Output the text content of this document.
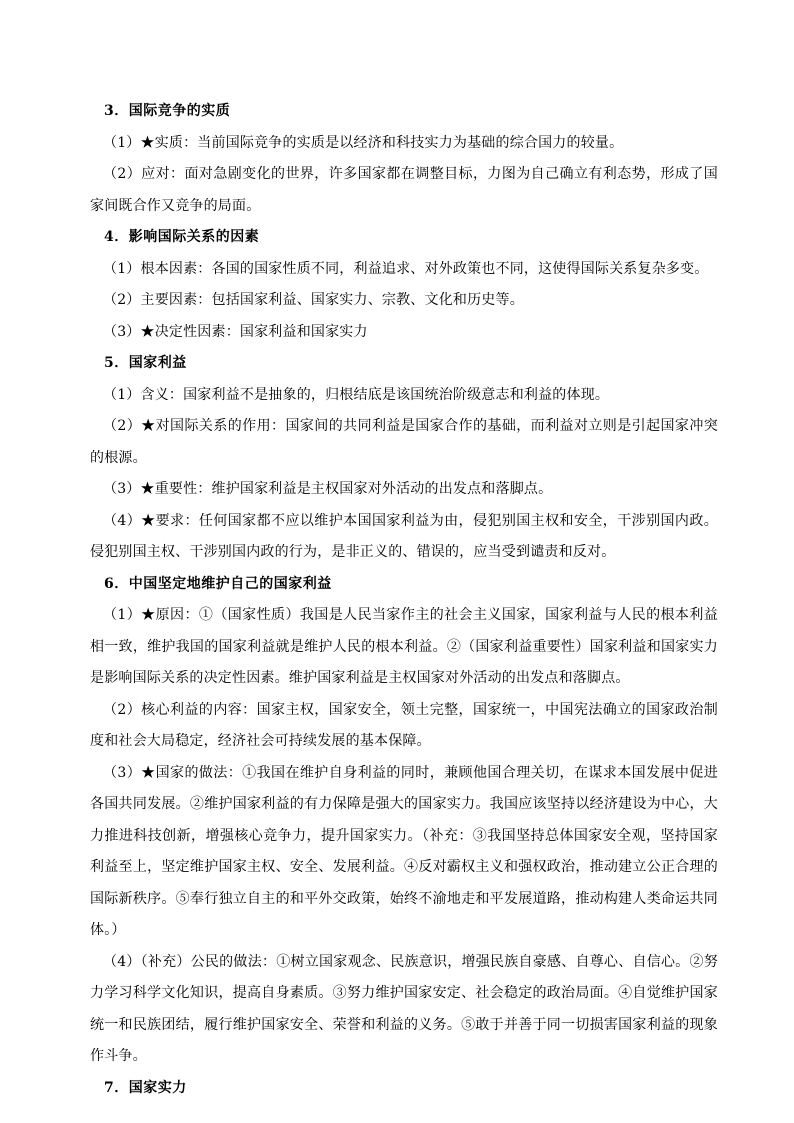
3．国际竞争的实质

（1）★实质：当前国际竞争的实质是以经济和科技实力为基础的综合国力的较量。

（2）应对：面对急剧变化的世界，许多国家都在调整目标，力图为自己确立有利态势，形成了国家间既合作又竞争的局面。

4．影响国际关系的因素

（1）根本因素：各国的国家性质不同，利益追求、对外政策也不同，这使得国际关系复杂多变。

（2）主要因素：包括国家利益、国家实力、宗教、文化和历史等。

（3）★决定性因素：国家利益和国家实力

5．国家利益

（1）含义：国家利益不是抽象的，归根结底是该国统治阶级意志和利益的体现。

（2）★对国际关系的作用：国家间的共同利益是国家合作的基础，而利益对立则是引起国家冲突的根源。

（3）★重要性：维护国家利益是主权国家对外活动的出发点和落脚点。

（4）★要求：任何国家都不应以维护本国国家利益为由，侵犯别国主权和安全，干涉别国内政。侵犯别国主权、干涉别国内政的行为，是非正义的、错误的，应当受到谴责和反对。

6．中国坚定地维护自己的国家利益

（1）★原因：①（国家性质）我国是人民当家作主的社会主义国家，国家利益与人民的根本利益相一致，维护我国的国家利益就是维护人民的根本利益。②（国家利益重要性）国家利益和国家实力是影响国际关系的决定性因素。维护国家利益是主权国家对外活动的出发点和落脚点。

（2）核心利益的内容：国家主权，国家安全，领土完整，国家统一，中国宪法确立的国家政治制度和社会大局稳定，经济社会可持续发展的基本保障。

（3）★国家的做法：①我国在维护自身利益的同时，兼顾他国合理关切，在谋求本国发展中促进各国共同发展。②维护国家利益的有力保障是强大的国家实力。我国应该坚持以经济建设为中心，大力推进科技创新，增强核心竞争力，提升国家实力。（补充：③我国坚持总体国家安全观，坚持国家利益至上，坚定维护国家主权、安全、发展利益。④反对霸权主义和强权政治，推动建立公正合理的国际新秩序。⑤奉行独立自主的和平外交政策，始终不渝地走和平发展道路，推动构建人类命运共同体。）

（4）（补充）公民的做法：①树立国家观念、民族意识，增强民族自豪感、自尊心、自信心。②努力学习科学文化知识，提高自身素质。③努力维护国家安定、社会稳定的政治局面。④自觉维护国家统一和民族团结，履行维护国家安全、荣誉和利益的义务。⑤敢于并善于同一切损害国家利益的现象作斗争。

7．国家实力
